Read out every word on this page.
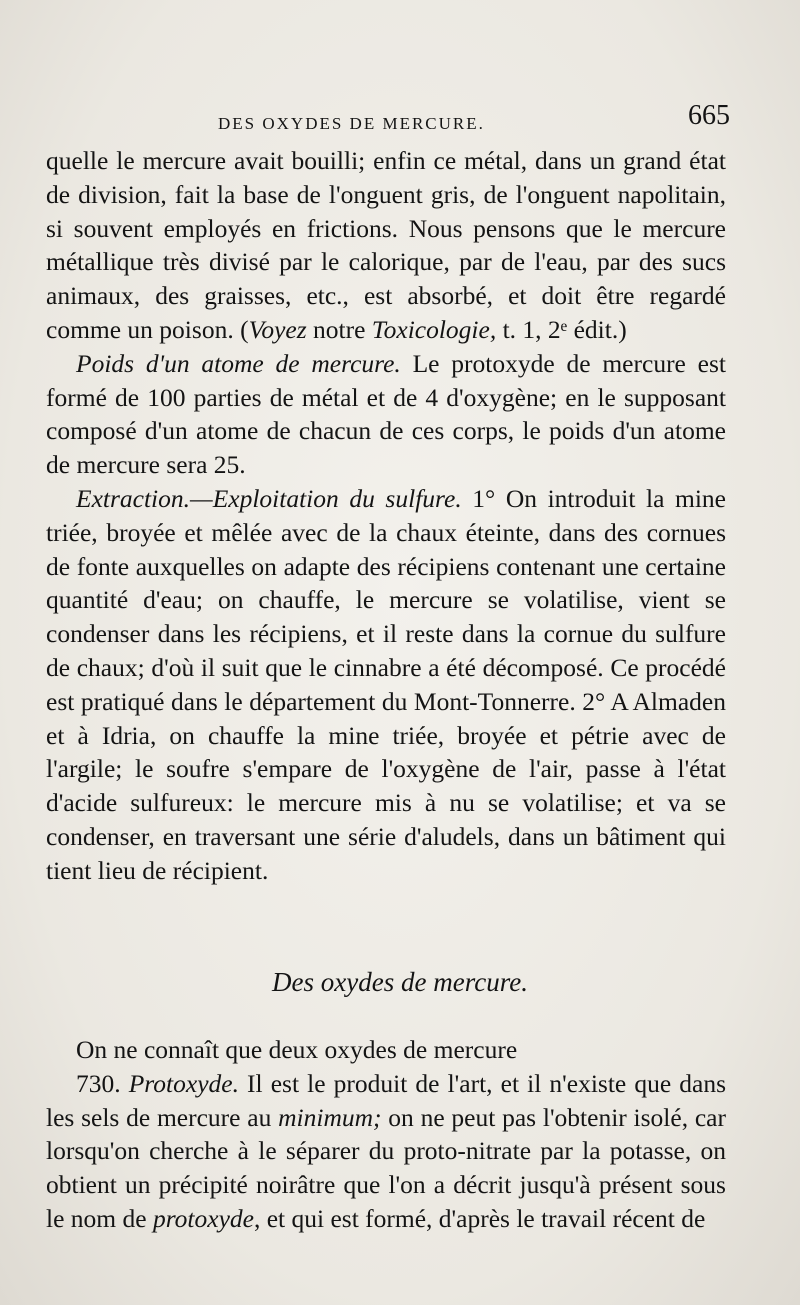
DES OXYDES DE MERCURE.	665

quelle le mercure avait bouilli; enfin ce métal, dans un grand état de division, fait la base de l'onguent gris, de l'onguent napolitain, si souvent employés en frictions. Nous pensons que le mercure métallique très divisé par le calorique, par de l'eau, par des sucs animaux, des graisses, etc., est absorbé, et doit être regardé comme un poison. (Voyez notre Toxicologie, t. 1, 2ᵉ édit.)

Poids d'un atome de mercure. Le protoxyde de mercure est formé de 100 parties de métal et de 4 d'oxygène; en le supposant composé d'un atome de chacun de ces corps, le poids d'un atome de mercure sera 25.

Extraction.—Exploitation du sulfure. 1° On introduit la mine triée, broyée et mêlée avec de la chaux éteinte, dans des cornues de fonte auxquelles on adapte des récipiens contenant une certaine quantité d'eau; on chauffe, le mercure se volatilise, vient se condenser dans les récipiens, et il reste dans la cornue du sulfure de chaux; d'où il suit que le cinnabre a été décomposé. Ce procédé est pratiqué dans le département du Mont-Tonnerre. 2° A Almaden et à Idria, on chauffe la mine triée, broyée et pétrie avec de l'argile; le soufre s'empare de l'oxygène de l'air, passe à l'état d'acide sulfureux: le mercure mis à nu se volatilise; et va se condenser, en traversant une série d'aludels, dans un bâtiment qui tient lieu de récipient.

Des oxydes de mercure.

On ne connaît que deux oxydes de mercure

730. Protoxyde. Il est le produit de l'art, et il n'existe que dans les sels de mercure au minimum; on ne peut pas l'obtenir isolé, car lorsqu'on cherche à le séparer du proto-nitrate par la potasse, on obtient un précipité noirâtre que l'on a décrit jusqu'à présent sous le nom de protoxyde, et qui est formé, d'après le travail récent de
